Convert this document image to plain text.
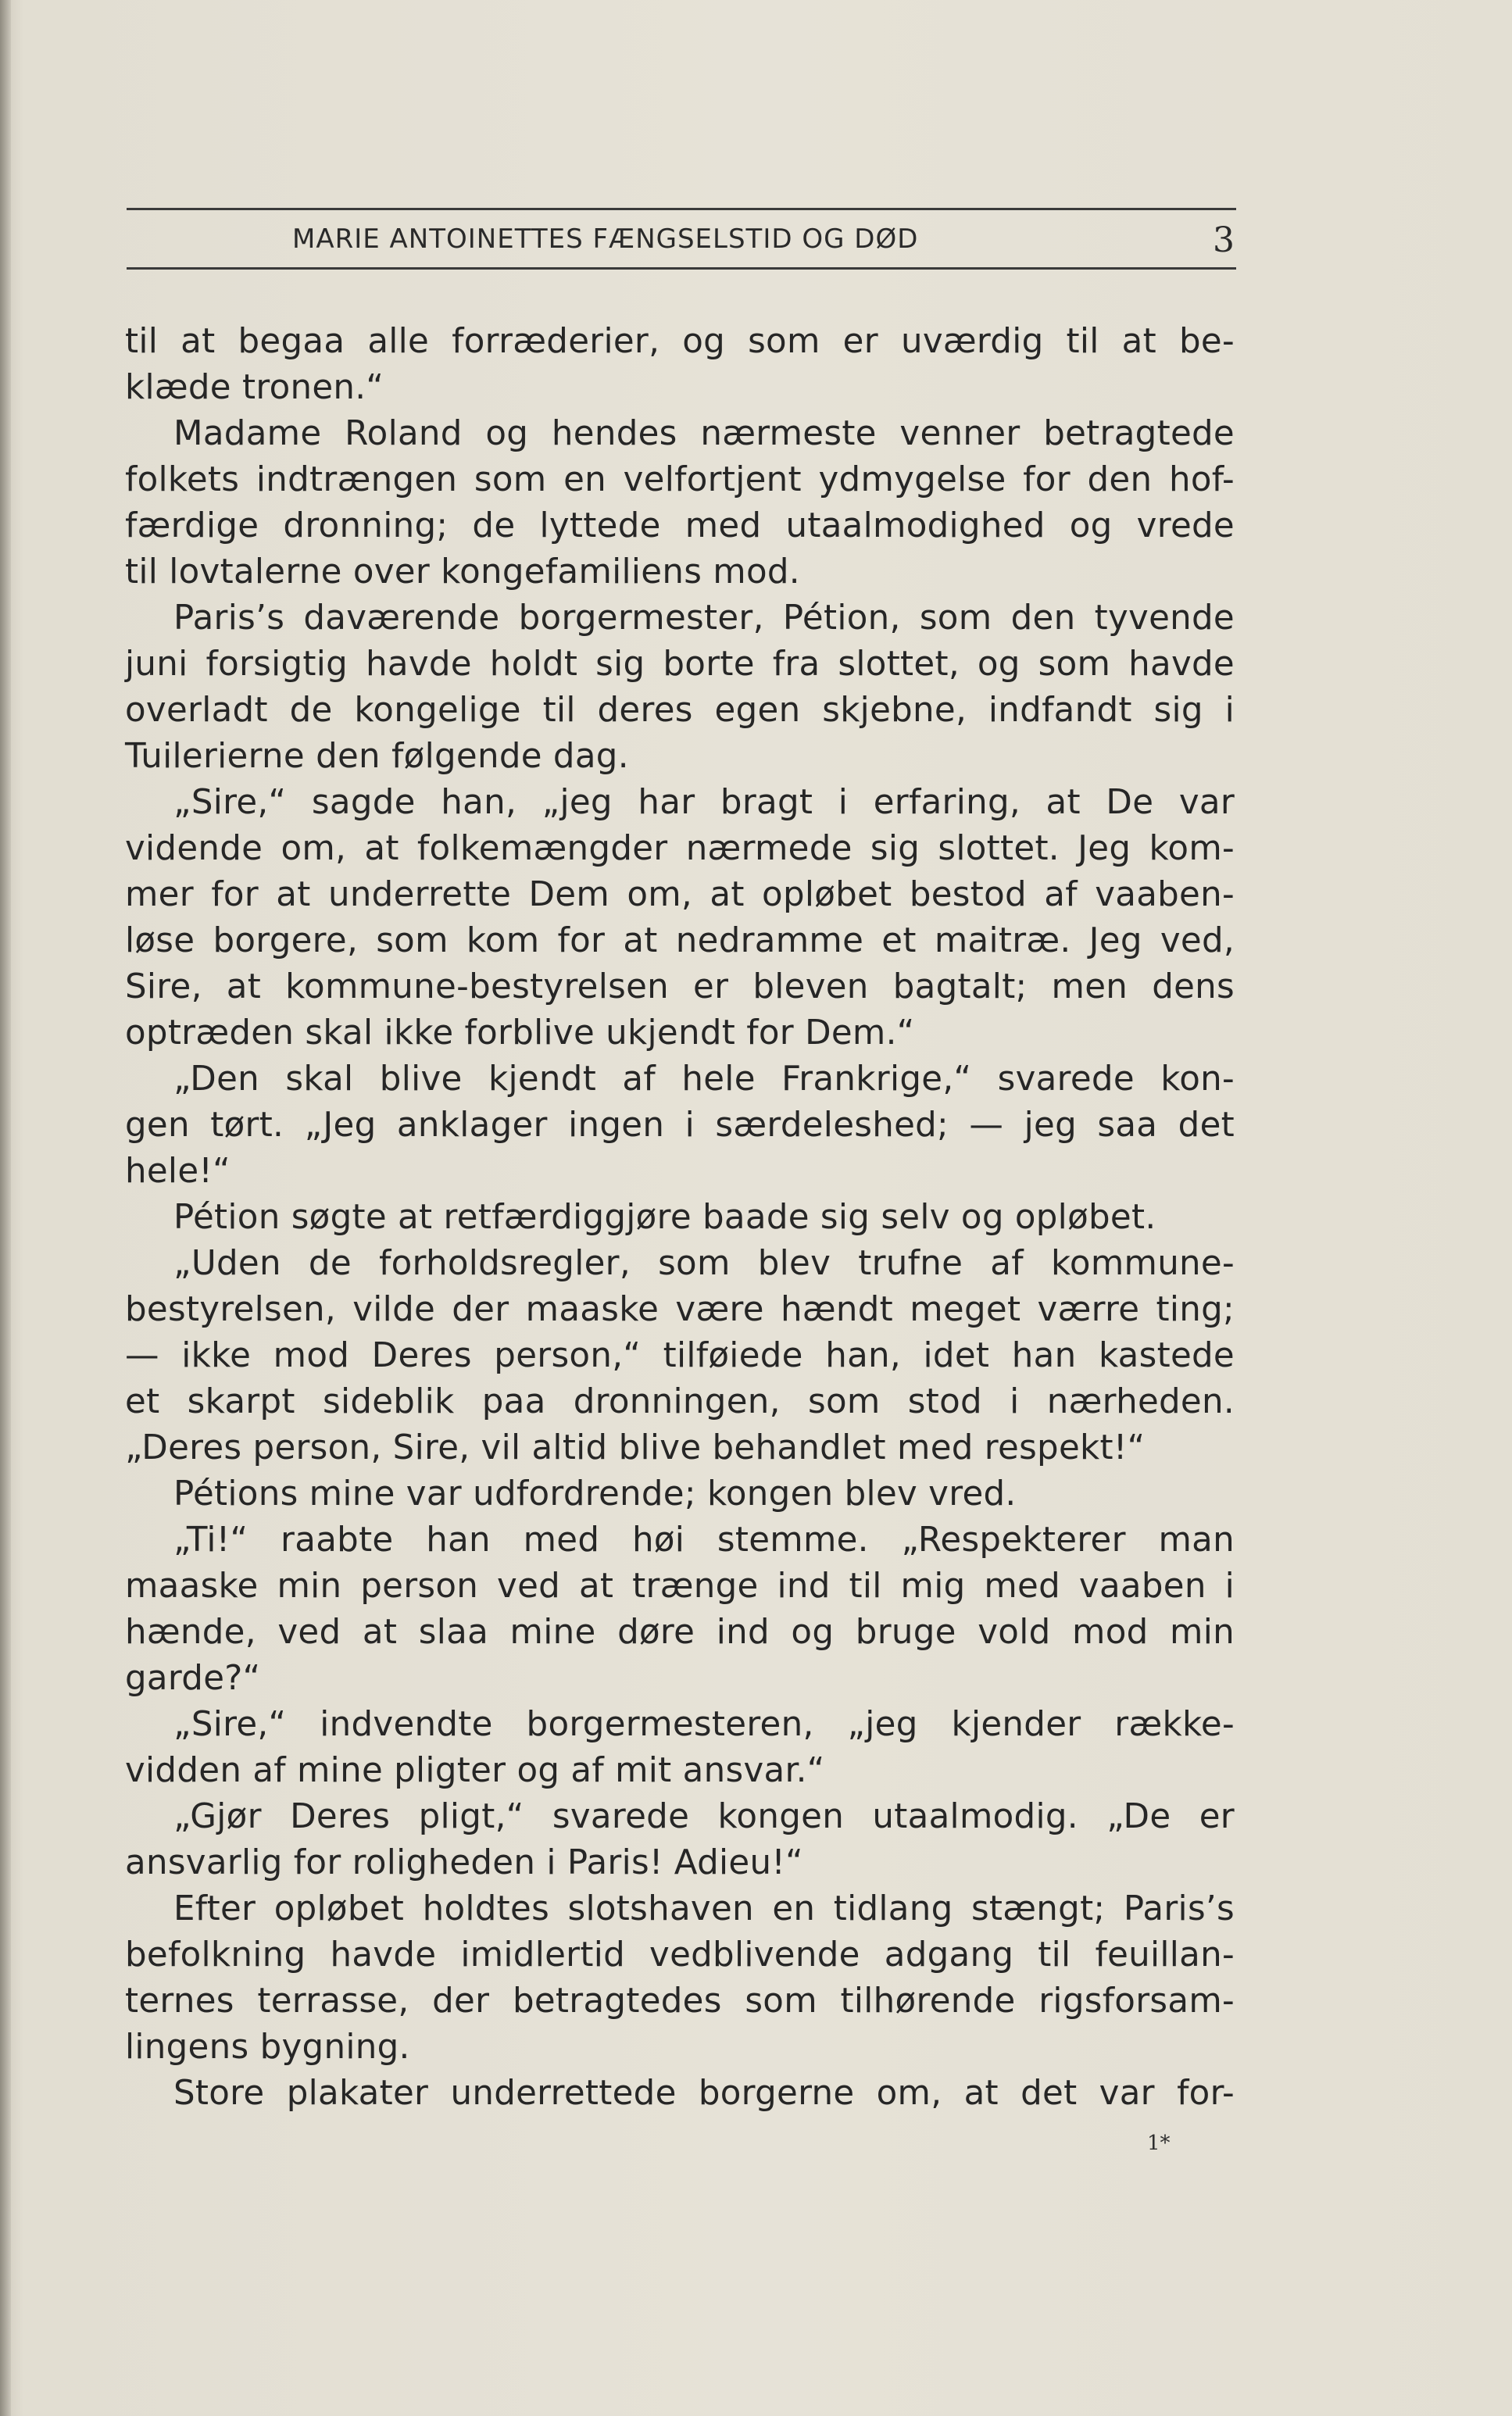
MARIE ANTOINETTES FÆNGSELSTID OG DØD	3
til at begaa alle forræderier, og som er uværdig til at be-
klæde tronen.“
Madame Roland og hendes nærmeste venner betragtede
folkets indtrængen som en velfortjent ydmygelse for den hof-
færdige dronning; de lyttede med utaalmodighed og vrede
til lovtalerne over kongefamiliens mod.
Paris’s daværende borgermester, Pétion, som den tyvende
juni forsigtig havde holdt sig borte fra slottet, og som havde
overladt de kongelige til deres egen skjebne, indfandt sig i
Tuilerierne den følgende dag.
„Sire,“ sagde han, „jeg har bragt i erfaring, at De var
vidende om, at folkemængder nærmede sig slottet. Jeg kom-
mer for at underrette Dem om, at opløbet bestod af vaaben-
løse borgere, som kom for at nedramme et maitræ. Jeg ved,
Sire, at kommune-bestyrelsen er bleven bagtalt; men dens
optræden skal ikke forblive ukjendt for Dem.“
„Den skal blive kjendt af hele Frankrige,“ svarede kon-
gen tørt. „Jeg anklager ingen i særdeleshed; — jeg saa det
hele!“
Pétion søgte at retfærdiggjøre baade sig selv og opløbet.
„Uden de forholdsregler, som blev trufne af kommune-
bestyrelsen, vilde der maaske være hændt meget værre ting;
— ikke mod Deres person,“ tilføiede han, idet han kastede
et skarpt sideblik paa dronningen, som stod i nærheden.
„Deres person, Sire, vil altid blive behandlet med respekt!“
Pétions mine var udfordrende; kongen blev vred.
„Ti!“ raabte han med høi stemme. „Respekterer man
maaske min person ved at trænge ind til mig med vaaben i
hænde, ved at slaa mine døre ind og bruge vold mod min
garde?“
„Sire,“ indvendte borgermesteren, „jeg kjender række-
vidden af mine pligter og af mit ansvar.“
„Gjør Deres pligt,“ svarede kongen utaalmodig. „De er
ansvarlig for roligheden i Paris! Adieu!“
Efter opløbet holdtes slotshaven en tidlang stængt; Paris’s
befolkning havde imidlertid vedblivende adgang til feuillan-
ternes terrasse, der betragtedes som tilhørende rigsforsam-
lingens bygning.
Store plakater underrettede borgerne om, at det var for-
1*
